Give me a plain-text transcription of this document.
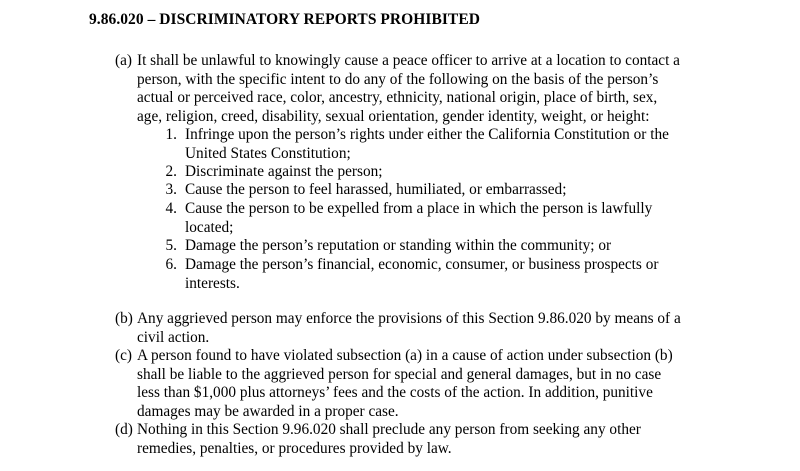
9.86.020 – DISCRIMINATORY REPORTS PROHIBITED
(a) It shall be unlawful to knowingly cause a peace officer to arrive at a location to contact a
person, with the specific intent to do any of the following on the basis of the person’s
actual or perceived race, color, ancestry, ethnicity, national origin, place of birth, sex,
age, religion, creed, disability, sexual orientation, gender identity, weight, or height:
1. Infringe upon the person’s rights under either the California Constitution or the
United States Constitution;
2. Discriminate against the person;
3. Cause the person to feel harassed, humiliated, or embarrassed;
4. Cause the person to be expelled from a place in which the person is lawfully
located;
5. Damage the person’s reputation or standing within the community; or
6. Damage the person’s financial, economic, consumer, or business prospects or
interests.
(b) Any aggrieved person may enforce the provisions of this Section 9.86.020 by means of a
civil action.
(c) A person found to have violated subsection (a) in a cause of action under subsection (b)
shall be liable to the aggrieved person for special and general damages, but in no case
less than $1,000 plus attorneys’ fees and the costs of the action. In addition, punitive
damages may be awarded in a proper case.
(d) Nothing in this Section 9.96.020 shall preclude any person from seeking any other
remedies, penalties, or procedures provided by law.
